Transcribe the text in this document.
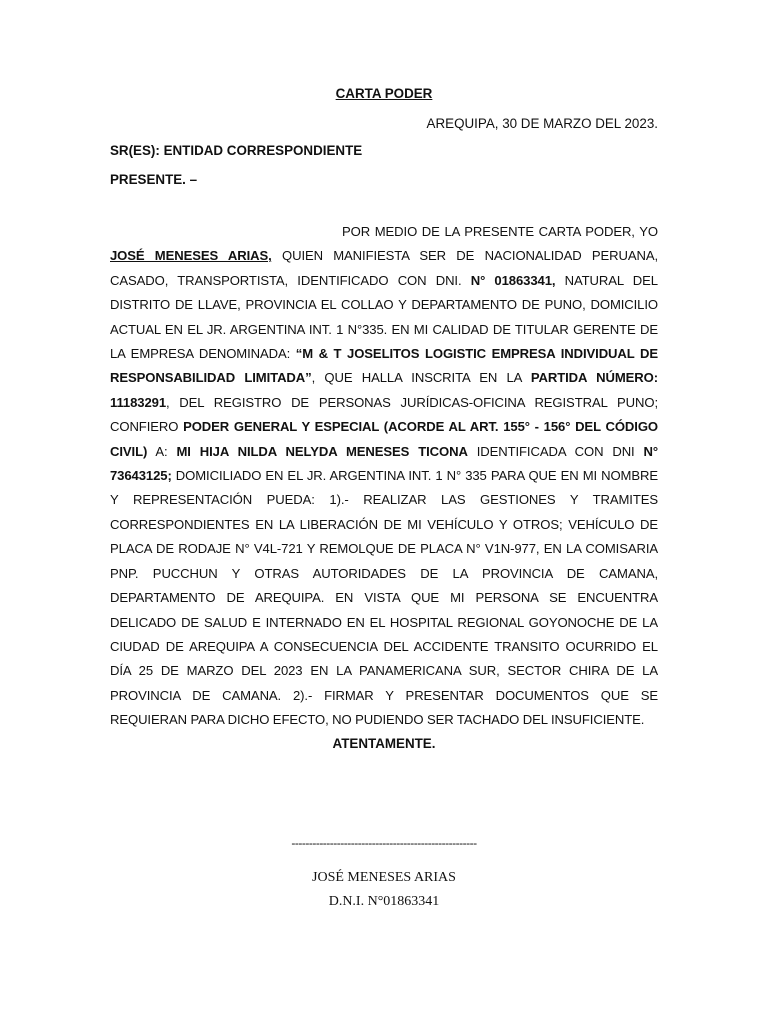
CARTA PODER
AREQUIPA, 30 DE MARZO DEL 2023.
SR(ES): ENTIDAD CORRESPONDIENTE
PRESENTE. –
POR MEDIO DE LA PRESENTE CARTA PODER, YO JOSÉ MENESES ARIAS, QUIEN MANIFIESTA SER DE NACIONALIDAD PERUANA, CASADO, TRANSPORTISTA, IDENTIFICADO CON DNI. N° 01863341, NATURAL DEL DISTRITO DE LLAVE, PROVINCIA EL COLLAO Y DEPARTAMENTO DE PUNO, DOMICILIO ACTUAL EN EL JR. ARGENTINA INT. 1 N°335. EN MI CALIDAD DE TITULAR GERENTE DE LA EMPRESA DENOMINADA: “M & T JOSELITOS LOGISTIC EMPRESA INDIVIDUAL DE RESPONSABILIDAD LIMITADA”, QUE HALLA INSCRITA EN LA PARTIDA NÚMERO: 11183291, DEL REGISTRO DE PERSONAS JURÍDICAS-OFICINA REGISTRAL PUNO; CONFIERO PODER GENERAL Y ESPECIAL (ACORDE AL ART. 155° - 156° DEL CÓDIGO CIVIL) A: MI HIJA NILDA NELYDA MENESES TICONA IDENTIFICADA CON DNI N° 73643125; DOMICILIADO EN EL JR. ARGENTINA INT. 1 N° 335 PARA QUE EN MI NOMBRE Y REPRESENTACIÓN PUEDA: 1).- REALIZAR LAS GESTIONES Y TRAMITES CORRESPONDIENTES EN LA LIBERACIÓN DE MI VEHÍCULO Y OTROS; VEHÍCULO DE PLACA DE RODAJE N° V4L-721 Y REMOLQUE DE PLACA N° V1N-977, EN LA COMISARIA PNP. PUCCHUN Y OTRAS AUTORIDADES DE LA PROVINCIA DE CAMANA, DEPARTAMENTO DE AREQUIPA. EN VISTA QUE MI PERSONA SE ENCUENTRA DELICADO DE SALUD E INTERNADO EN EL HOSPITAL REGIONAL GOYONOCHE DE LA CIUDAD DE AREQUIPA A CONSECUENCIA DEL ACCIDENTE TRANSITO OCURRIDO EL DÍA 25 DE MARZO DEL 2023 EN LA PANAMERICANA SUR, SECTOR CHIRA DE LA PROVINCIA DE CAMANA. 2).- FIRMAR Y PRESENTAR DOCUMENTOS QUE SE REQUIERAN PARA DICHO EFECTO, NO PUDIENDO SER TACHADO DEL INSUFICIENTE.
ATENTAMENTE.
-----------------------------------------------------
JOSÉ MENESES ARIAS
D.N.I. N°01863341
